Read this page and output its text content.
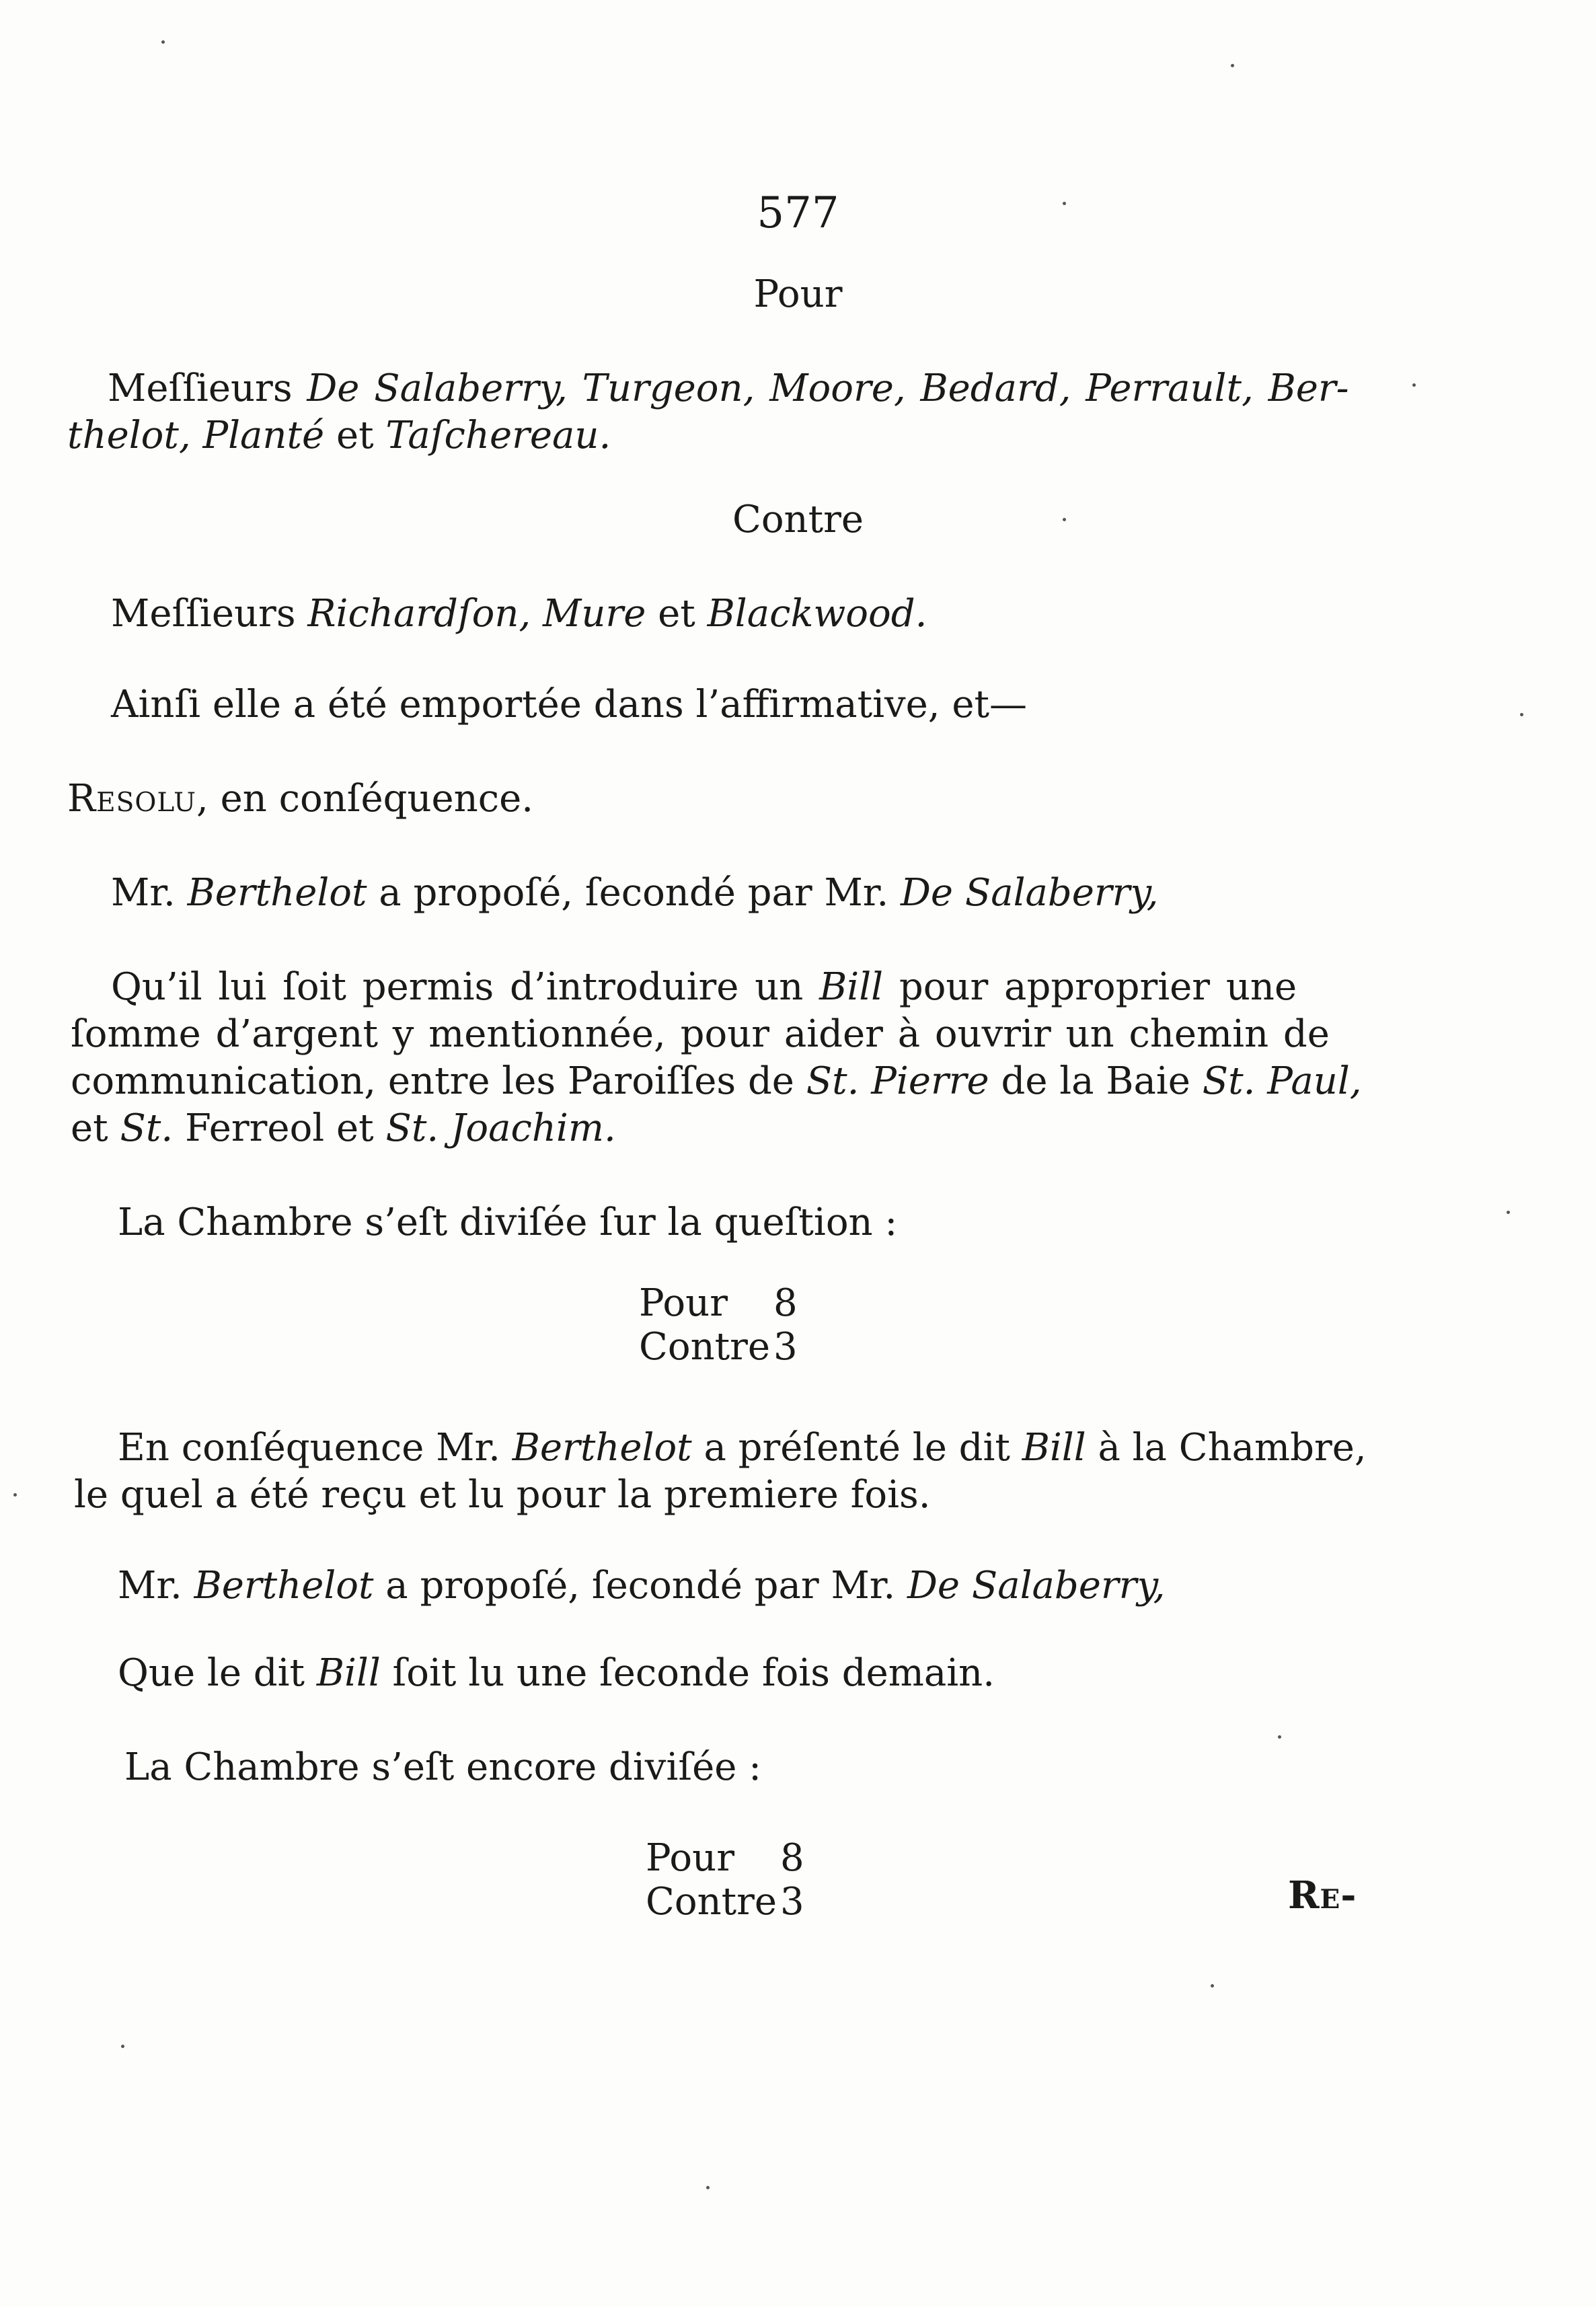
577
Pour
Meſſieurs De Salaberry, Turgeon, Moore, Bedard, Perrault, Ber-
thelot, Planté et Taſchereau.
Contre
Meſſieurs Richardſon, Mure et Blackwood.
Ainſi elle a été emportée dans l’affirmative, et—
Resolu, en conſéquence.
Mr. Berthelot a propoſé, ſecondé par Mr. De Salaberry,
Qu’il lui ſoit permis d’introduire un Bill pour approprier une
ſomme d’argent y mentionnée, pour aider à ouvrir un chemin de
communication, entre les Paroiſſes de St. Pierre de la Baie St. Paul,
et St. Ferreol et St. Joachim.
La Chambre s’eſt diviſée ſur la queſtion :
Pour 8
Contre3
En conſéquence Mr. Berthelot a préſenté le dit Bill à la Chambre,
le quel a été reçu et lu pour la premiere fois.
Mr. Berthelot a propoſé, ſecondé par Mr. De Salaberry,
Que le dit Bill ſoit lu une ſeconde fois demain.
La Chambre s’eſt encore diviſée :
Pour 8
Contre3	Re-
